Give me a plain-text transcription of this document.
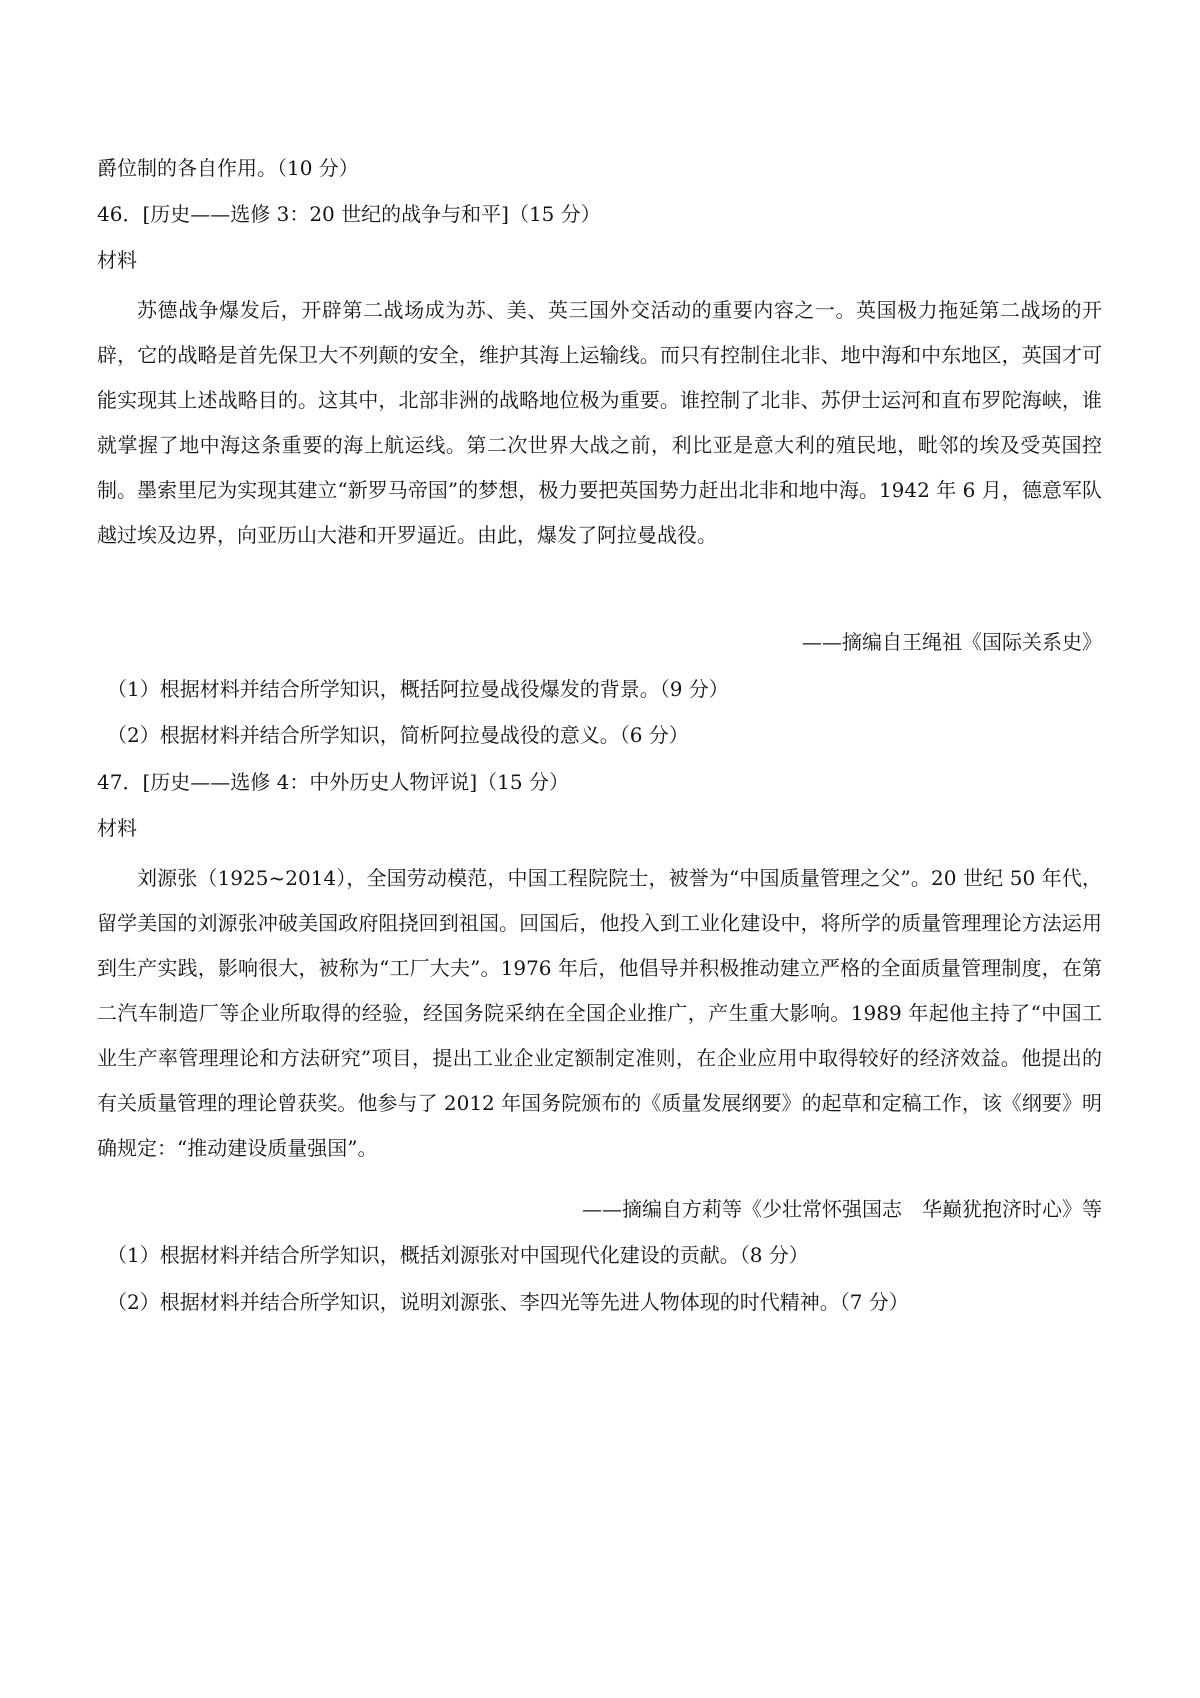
爵位制的各自作用。（10 分）
46．[历史——选修 3：20 世纪的战争与和平]（15 分）
材料

苏德战争爆发后，开辟第二战场成为苏、美、英三国外交活动的重要内容之一。英国极力拖延第二战场的开辟，它的战略是首先保卫大不列颠的安全，维护其海上运输线。而只有控制住北非、地中海和中东地区，英国才可能实现其上述战略目的。这其中，北部非洲的战略地位极为重要。谁控制了北非、苏伊士运河和直布罗陀海峡，谁就掌握了地中海这条重要的海上航运线。第二次世界大战之前，利比亚是意大利的殖民地，毗邻的埃及受英国控制。墨索里尼为实现其建立“新罗马帝国”的梦想，极力要把英国势力赶出北非和地中海。1942 年 6 月，德意军队越过埃及边界，向亚历山大港和开罗逼近。由此，爆发了阿拉曼战役。

——摘编自王绳祖《国际关系史》
（1）根据材料并结合所学知识，概括阿拉曼战役爆发的背景。（9 分）
（2）根据材料并结合所学知识，简析阿拉曼战役的意义。（6 分）
47．[历史——选修 4：中外历史人物评说]（15 分）
材料

刘源张（1925~2014），全国劳动模范，中国工程院院士，被誉为“中国质量管理之父”。20 世纪 50 年代，留学美国的刘源张冲破美国政府阻挠回到祖国。回国后，他投入到工业化建设中，将所学的质量管理理论方法运用到生产实践，影响很大，被称为“工厂大夫”。1976 年后，他倡导并积极推动建立严格的全面质量管理制度，在第二汽车制造厂等企业所取得的经验，经国务院采纳在全国企业推广，产生重大影响。1989 年起他主持了“中国工业生产率管理理论和方法研究”项目，提出工业企业定额制定准则，在企业应用中取得较好的经济效益。他提出的有关质量管理的理论曾获奖。他参与了 2012 年国务院颁布的《质量发展纲要》的起草和定稿工作，该《纲要》明确规定：“推动建设质量强国”。

——摘编自方莉等《少壮常怀强国志　华巅犹抱济时心》等
（1）根据材料并结合所学知识，概括刘源张对中国现代化建设的贡献。（8 分）
（2）根据材料并结合所学知识，说明刘源张、李四光等先进人物体现的时代精神。（7 分）
